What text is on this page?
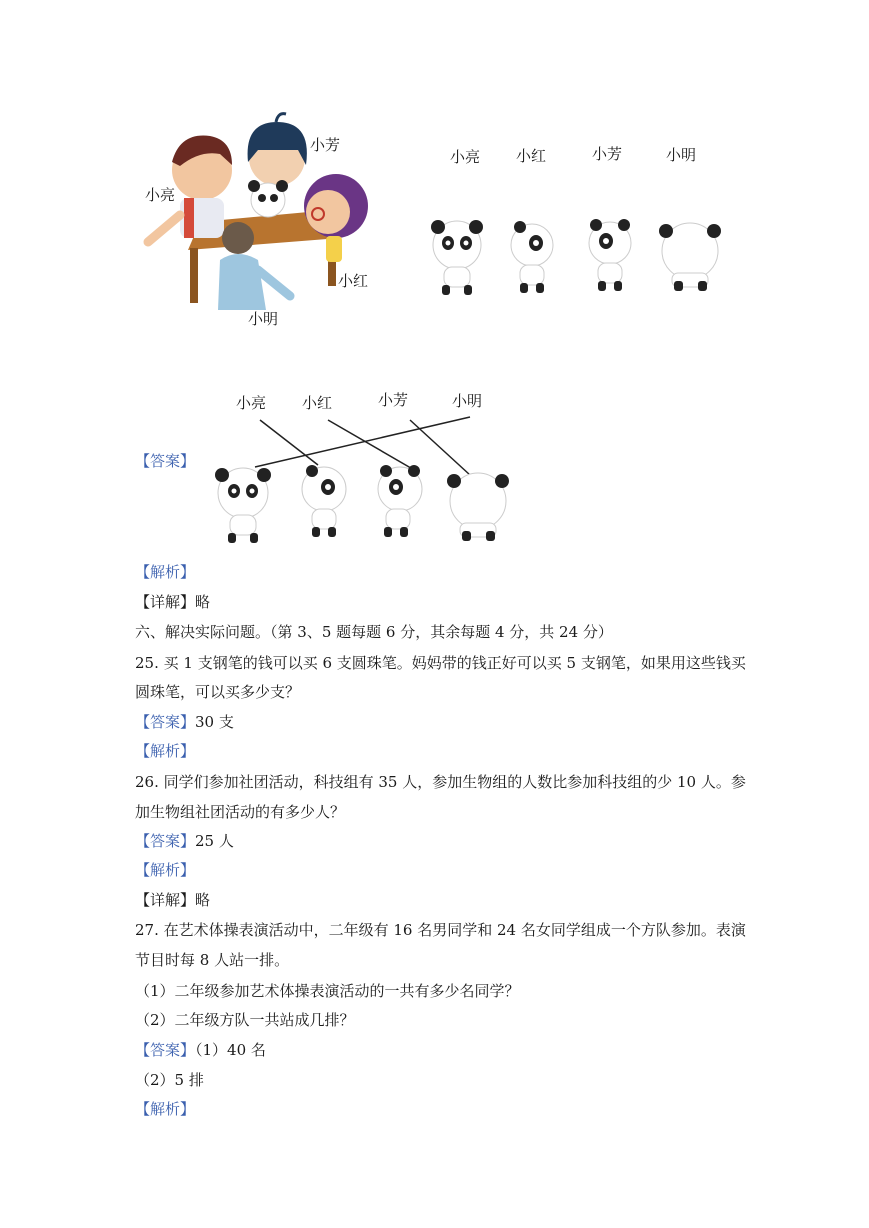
小亮
小芳
小红
小明
小亮 小红	小芳	小明
【答案】
小亮 小红	小芳	小明
【解析】
【详解】略
六、解决实际问题。（第 3、5 题每题 6 分，其余每题 4 分，共 24 分）
25. 买 1 支钢笔的钱可以买 6 支圆珠笔。妈妈带的钱正好可以买 5 支钢笔，如果用这些钱买
圆珠笔，可以买多少支？
【答案】30 支
【解析】
26. 同学们参加社团活动，科技组有 35 人，参加生物组的人数比参加科技组的少 10 人。参
加生物组社团活动的有多少人？
【答案】25 人
【解析】
【详解】略
27. 在艺术体操表演活动中，二年级有 16 名男同学和 24 名女同学组成一个方队参加。表演
节目时每 8 人站一排。
（1）二年级参加艺术体操表演活动的一共有多少名同学？
（2）二年级方队一共站成几排？
【答案】（1）40 名
（2）5 排
【解析】
